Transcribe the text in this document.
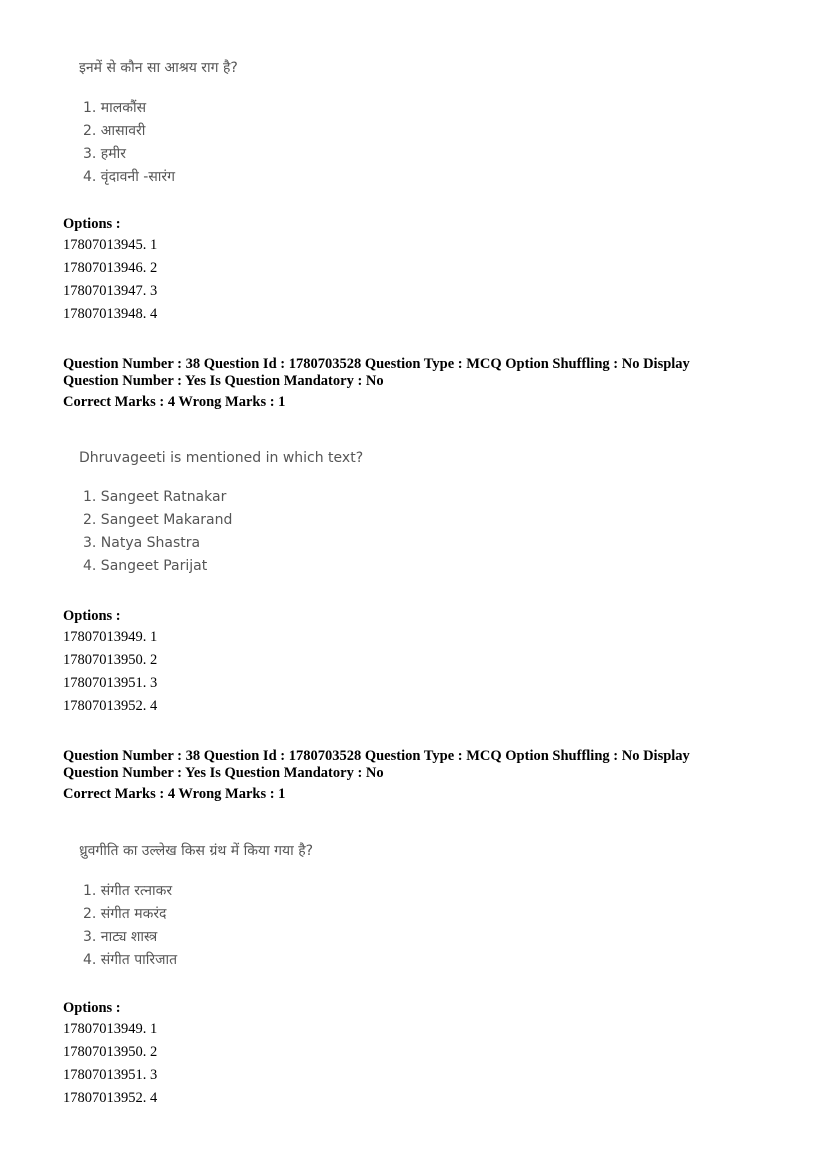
इनमें से कौन सा आश्रय राग है?

1. मालकौंस
2. आसावरी
3. हमीर
4. वृंदावनी -सारंग

Options :

17807013945. 1

17807013946. 2

17807013947. 3

17807013948. 4

Question Number : 38 Question Id : 1780703528 Question Type : MCQ Option Shuffling : No Display
Question Number : Yes Is Question Mandatory : No
Correct Marks : 4 Wrong Marks : 1

Dhruvageeti is mentioned in which text?

1. Sangeet Ratnakar
2. Sangeet Makarand
3. Natya Shastra
4. Sangeet Parijat

Options :

17807013949. 1

17807013950. 2

17807013951. 3

17807013952. 4

Question Number : 38 Question Id : 1780703528 Question Type : MCQ Option Shuffling : No Display
Question Number : Yes Is Question Mandatory : No
Correct Marks : 4 Wrong Marks : 1

ध्रुवगीति का उल्लेख किस ग्रंथ में किया गया है?

1. संगीत रत्नाकर
2. संगीत मकरंद
3. नाट्य शास्त्र
4. संगीत पारिजात

Options :

17807013949. 1

17807013950. 2

17807013951. 3

17807013952. 4
